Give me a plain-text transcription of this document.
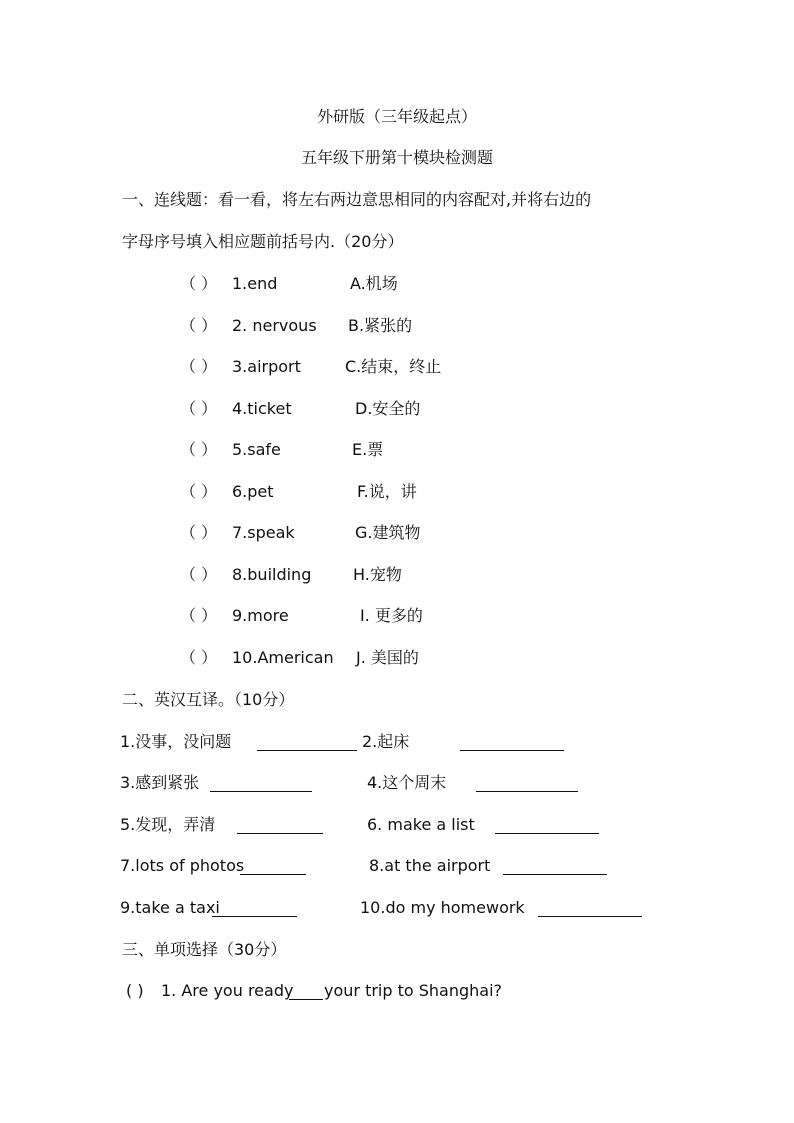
外研版（三年级起点）
五年级下册第十模块检测题
一、连线题：看一看，将左右两边意思相同的内容配对,并将右边的
字母序号填入相应题前括号内.（20分）
（ ） 1.end	A.机场
（ ） 2. nervous B.紧张的
（ ） 3.airport	C.结束，终止
（ ） 4.ticket	D.安全的
（ ） 5.safe	E.票
（ ） 6.pet	F.说，讲
（ ） 7.speak	G.建筑物
（ ） 8.building	H.宠物
（ ） 9.more	I. 更多的
（ ） 10.American J. 美国的
二、英汉互译。（10分）
1.没事，没问题	2.起床
3.感到紧张	4.这个周末
5.发现，弄清	6. make a list
7.lots of photos	8.at the airport
9.take a taxi	10.do my homework
三、单项选择（30分）
( ) 1. Are you ready your trip to Shanghai?
